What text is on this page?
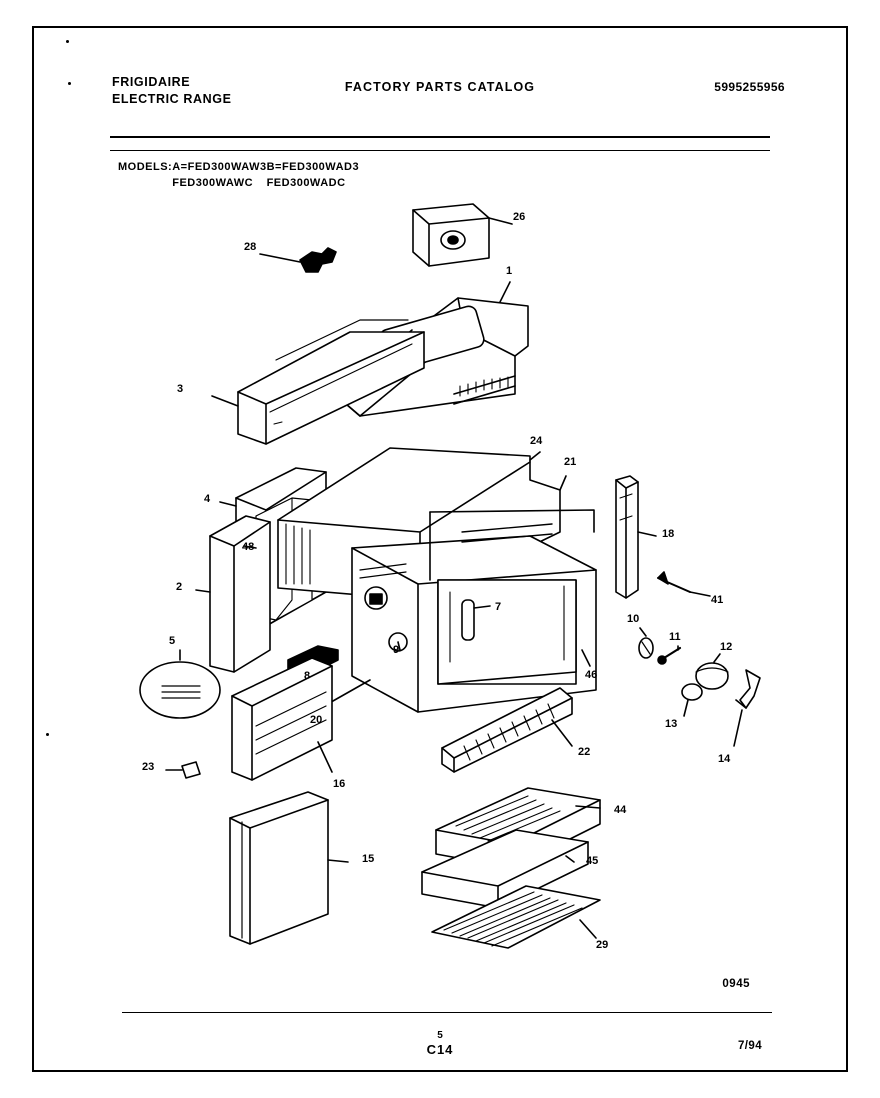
FRIGIDAIRE
ELECTRIC RANGE
FACTORY PARTS CATALOG	5995255956
MODELS:	A=FED300WAW3	B=FED300WAD3
	FED300WAWC	FED300WADC
1
2
3
4
5
7
8
9
10
11
12
13
14
15
16
18
20
21
22
23
24
26
28
29
41
44
45
46
48
0945
5
C14	7/94
